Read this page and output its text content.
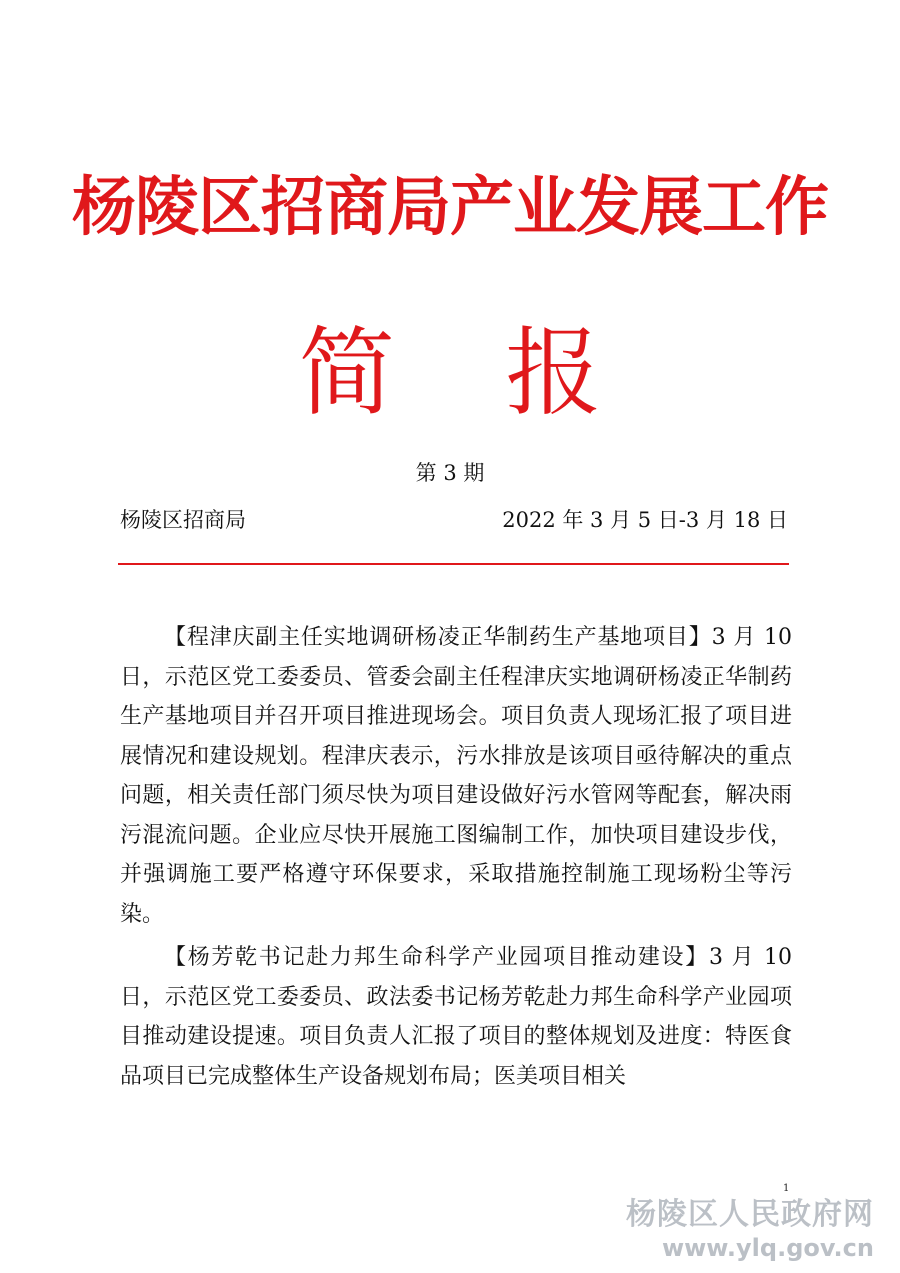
杨陵区招商局产业发展工作
简 报
第 3 期
杨陵区招商局	2022 年 3 月 5 日-3 月 18 日

【程津庆副主任实地调研杨凌正华制药生产基地项目】3 月 10 日，示范区党工委委员、管委会副主任程津庆实地调研杨凌正华制药生产基地项目并召开项目推进现场会。项目负责人现场汇报了项目进展情况和建设规划。程津庆表示，污水排放是该项目亟待解决的重点问题，相关责任部门须尽快为项目建设做好污水管网等配套，解决雨污混流问题。企业应尽快开展施工图编制工作，加快项目建设步伐，并强调施工要严格遵守环保要求，采取措施控制施工现场粉尘等污染。

【杨芳乾书记赴力邦生命科学产业园项目推动建设】3 月 10 日，示范区党工委委员、政法委书记杨芳乾赴力邦生命科学产业园项目推动建设提速。项目负责人汇报了项目的整体规划及进度：特医食品项目已完成整体生产设备规划布局；医美项目相关

1
杨陵区人民政府网
www.ylq.gov.cn
